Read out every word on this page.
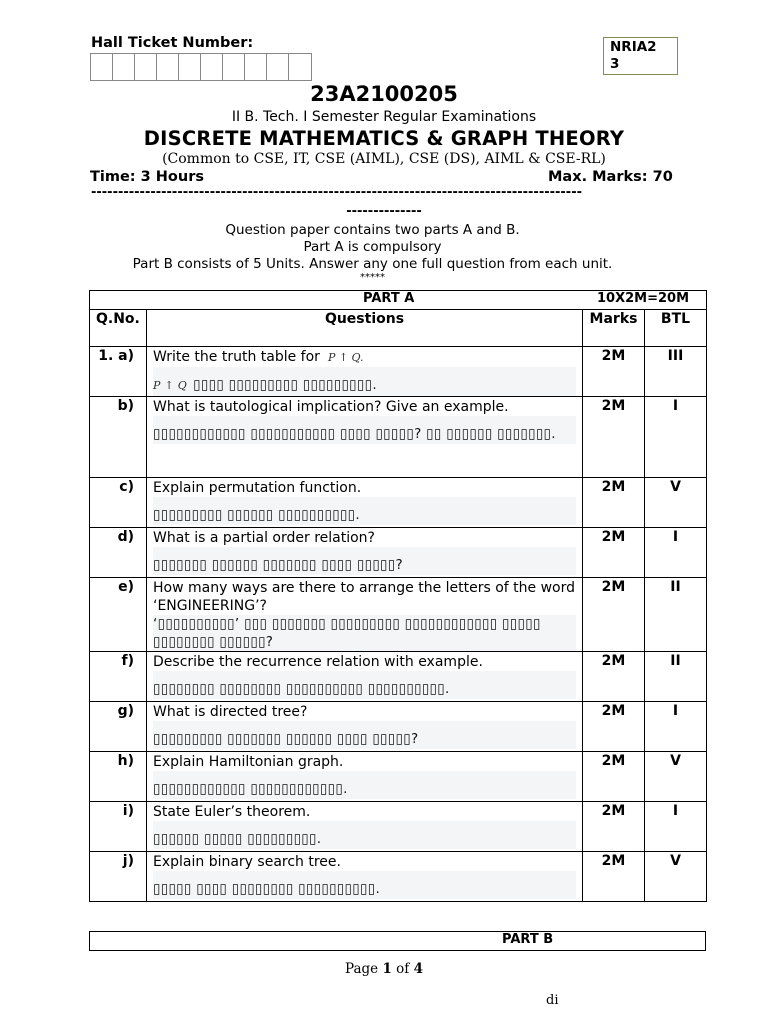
Hall Ticket Number:	NRIA2
3
23A2100205
II B. Tech. I Semester Regular Examinations
DISCRETE MATHEMATICS & GRAPH THEORY
(Common to CSE, IT, CSE (AIML), CSE (DS), AIML & CSE-RL)
Time: 3 Hours	Max. Marks: 70
-------------------------------------------------------------------------------------------
--------------
Question paper contains two parts A and B.
Part A is compulsory
Part B consists of 5 Units. Answer any one full question from each unit.
*****
PART A 10X2M=20M			

Q.No.	Questions	Marks	BTL
1. a)	Write the truth table for P ↑ Q.
P ↑ Q ▯▯▯▯ ▯▯▯▯▯▯▯▯▯ ▯▯▯▯▯▯▯▯▯.	2M	III
b)	What is tautological implication? Give an example.
▯▯▯▯▯▯▯▯▯▯▯▯ ▯▯▯▯▯▯▯▯▯▯▯ ▯▯▯▯ ▯▯▯▯▯? ▯▯ ▯▯▯▯▯▯ ▯▯▯▯▯▯▯.	2M	I
c)	Explain permutation function.
▯▯▯▯▯▯▯▯▯ ▯▯▯▯▯▯ ▯▯▯▯▯▯▯▯▯▯.	2M	V
d)	What is a partial order relation?
▯▯▯▯▯▯▯ ▯▯▯▯▯▯ ▯▯▯▯▯▯▯ ▯▯▯▯ ▯▯▯▯▯?	2M	I
e)	How many ways are there to arrange the letters of the word ‘ENGINEERING’?
‘▯▯▯▯▯▯▯▯▯▯’ ▯▯▯ ▯▯▯▯▯▯▯ ▯▯▯▯▯▯▯▯▯ ▯▯▯▯▯▯▯▯▯▯▯▯ ▯▯▯▯▯ ▯▯▯▯▯▯▯▯ ▯▯▯▯▯▯?	2M	II
f)	Describe the recurrence relation with example.
▯▯▯▯▯▯▯▯ ▯▯▯▯▯▯▯▯ ▯▯▯▯▯▯▯▯▯▯ ▯▯▯▯▯▯▯▯▯▯.	2M	II
g)	What is directed tree?
▯▯▯▯▯▯▯▯▯ ▯▯▯▯▯▯▯ ▯▯▯▯▯▯ ▯▯▯▯ ▯▯▯▯▯?	2M	I
h)	Explain Hamiltonian graph.
▯▯▯▯▯▯▯▯▯▯▯▯ ▯▯▯▯▯▯▯▯▯▯▯▯.	2M	V
i)	State Euler’s theorem.
▯▯▯▯▯▯ ▯▯▯▯▯ ▯▯▯▯▯▯▯▯▯.	2M	I
j)	Explain binary search tree.
▯▯▯▯▯ ▯▯▯▯ ▯▯▯▯▯▯▯▯ ▯▯▯▯▯▯▯▯▯▯.	2M	V
PART B
Page 1 of 4
di
